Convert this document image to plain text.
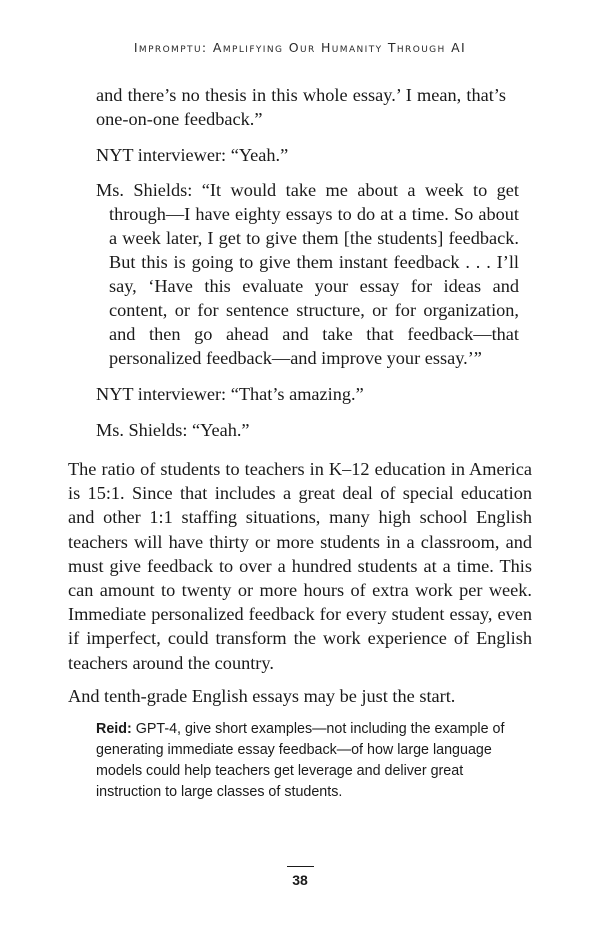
Impromptu: Amplifying Our Humanity Through AI
and there’s no thesis in this whole essay.’ I mean, that’s one-on-one feedback.”
NYT interviewer: “Yeah.”
Ms. Shields: “It would take me about a week to get through—I have eighty essays to do at a time. So about a week later, I get to give them [the students] feedback. But this is going to give them instant feedback . . . I’ll say, ‘Have this evaluate your essay for ideas and content, or for sentence structure, or for organization, and then go ahead and take that feedback—that personalized feedback—and improve your essay.’”
NYT interviewer: “That’s amazing.”
Ms. Shields: “Yeah.”
The ratio of students to teachers in K–12 education in America is 15:1. Since that includes a great deal of special education and other 1:1 staffing situations, many high school English teachers will have thirty or more students in a classroom, and must give feedback to over a hundred students at a time. This can amount to twenty or more hours of extra work per week. Immediate personalized feedback for every student essay, even if imperfect, could transform the work experience of English teachers around the country.
And tenth-grade English essays may be just the start.
Reid: GPT-4, give short examples—not including the example of generating immediate essay feedback—of how large language models could help teachers get leverage and deliver great instruction to large classes of students.
38
